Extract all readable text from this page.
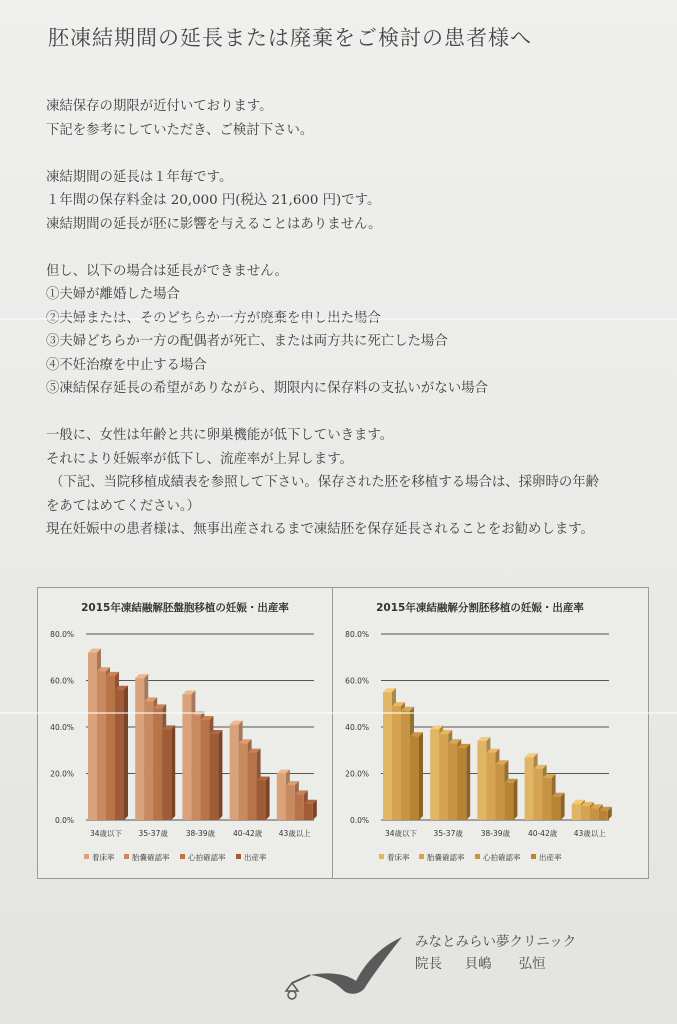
胚凍結期間の延長または廃棄をご検討の患者様へ
凍結保存の期限が近付いております。
下記を参考にしていただき、ご検討下さい。
凍結期間の延長は１年毎です。
１年間の保存料金は 20,000 円(税込 21,600 円)です。
凍結期間の延長が胚に影響を与えることはありません。
但し、以下の場合は延長ができません。
①夫婦が離婚した場合
③夫婦どちらか一方の配偶者が死亡、または両方共に死亡した場合
④不妊治療を中止する場合
⑤凍結保存延長の希望がありながら、期限内に保存料の支払いがない場合
一般に、女性は年齢と共に卵巣機能が低下していきます。
それにより妊娠率が低下し、流産率が上昇します。
（下記、当院移植成績表を参照して下さい。保存された胚を移植する場合は、採卵時の年齢
をあてはめてください。）
現在妊娠中の患者様は、無事出産されるまで凍結胚を保存延長されることをお勧めします。
2015年凍結融解胚盤胞移植の妊娠・出産率
0.0%
20.0%
40.0%
60.0%
80.0%
34歳以下 35-37歳 38-39歳 40-42歳 43歳以上
着床率 胎嚢確認率 心拍確認率 出産率
2015年凍結融解分割胚移植の妊娠・出産率
0.0%
20.0%
40.0%
60.0%
80.0%
34歳以下 35-37歳 38-39歳 40-42歳 43歳以上
着床率 胎嚢確認率 心拍確認率 出産率
みなとみらい夢クリニック
院長 貝嶋　　弘恒
